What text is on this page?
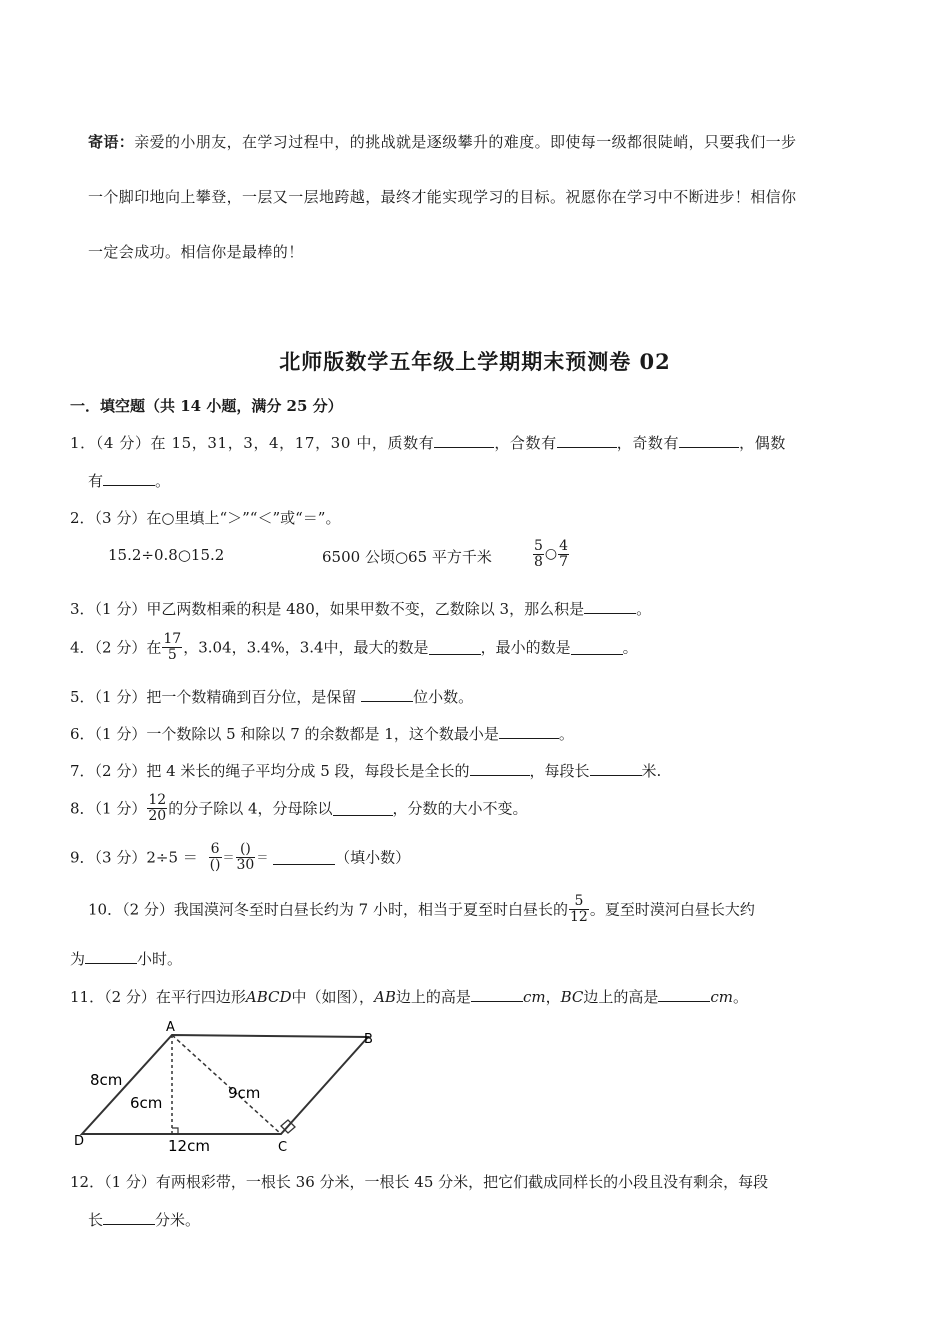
寄语：亲爱的小朋友，在学习过程中，的挑战就是逐级攀升的难度。即使每一级都很陡峭，只要我们一步
一个脚印地向上攀登，一层又一层地跨越，最终才能实现学习的目标。祝愿你在学习中不断进步！相信你
一定会成功。相信你是最棒的！
北师版数学五年级上学期期末预测卷 02
一．填空题（共 14 小题，满分 25 分）
1．（4 分）在 15，31，3，4，17，30 中，质数有	，合数有	，奇数有	，偶数
有	。
2．（3 分）在○里填上“＞”“＜”或“＝”。
15.2÷0.8○15.2	6500 公顷○65 平方千米	$\frac{5}{8}$ ○ $\frac{4}{7}$
3．（1 分）甲乙两数相乘的积是 480，如果甲数不变，乙数除以 3，那么积是	。
4．（2 分）在 $\frac{17}{5}$ ，3.04，3.4%，3.4中，最大的数是	，最小的数是	。
5．（1 分）把一个数精确到百分位，是保留	位小数。
6．（1 分）一个数除以 5 和除以 7 的余数都是 1，这个数最小是	。
7．（2 分）把 4 米长的绳子平均分成 5 段，每段长是全长的	，每段长	米.
8．（1 分） $\frac{12}{20}$ 的分子除以 4，分母除以	，分数的大小不变。
9．（3 分）$2\div 5 = \frac{6}{()} = \frac{()}{30}$ ＝	（填小数）
10．（2 分）我国漠河冬至时白昼长约为 7 小时，相当于夏至时白昼长的 $\frac{5}{12}$ 。夏至时漠河白昼长大约
为	小时。
11．（2 分）在平行四边形ABCD中（如图），AB边上的高是	cm，BC边上的高是	cm。
A
B
C
D
8cm
6cm
9cm
12cm
12．（1 分）有两根彩带，一根长 36 分米，一根长 45 分米，把它们截成同样长的小段且没有剩余，每段
长	分米。
